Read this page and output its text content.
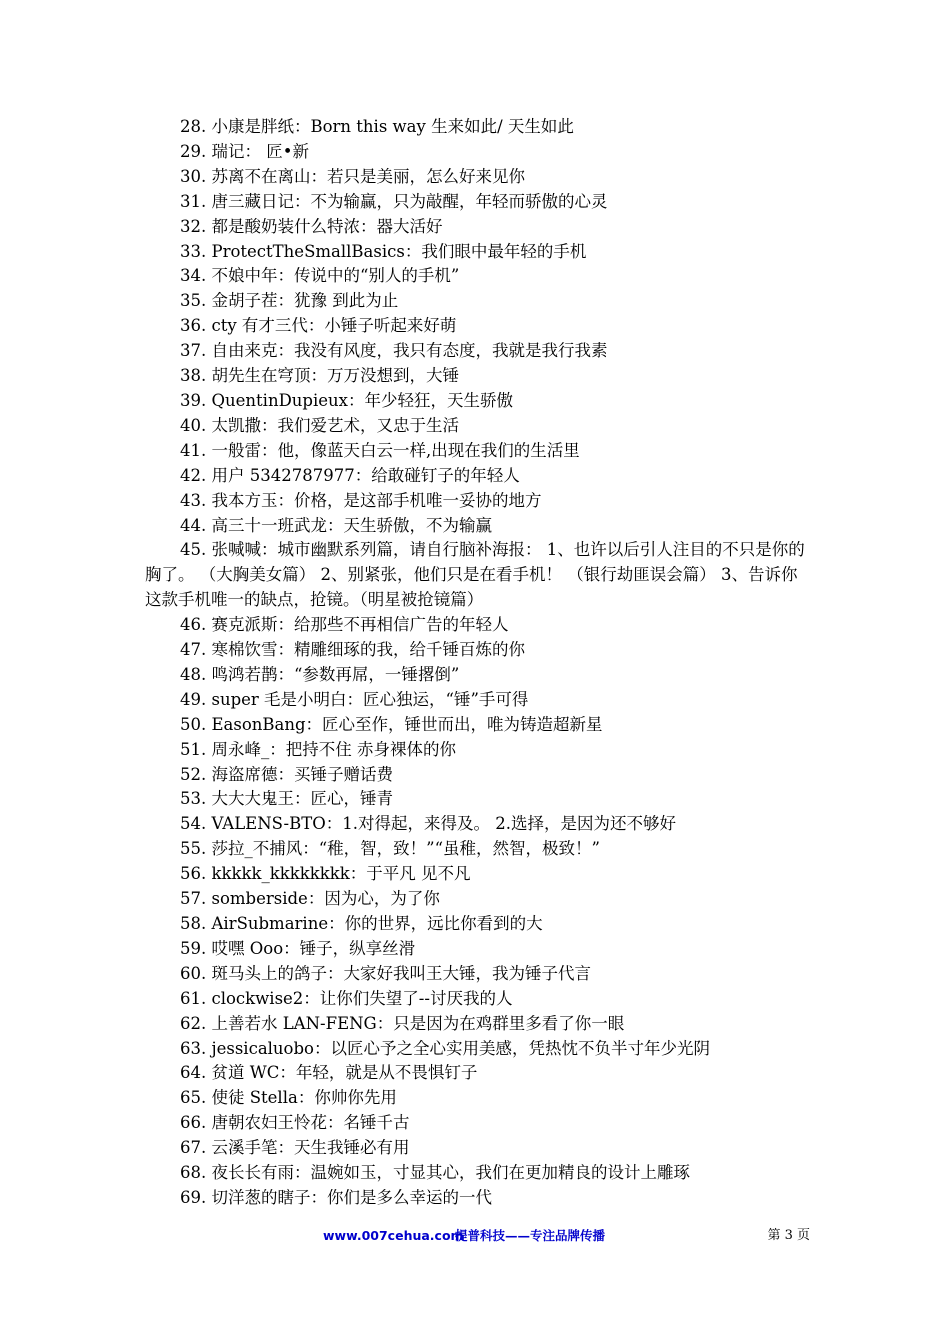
28. 小康是胖纸：Born this way 生来如此/ 天生如此

29. 瑞记： 匠•新

30. 苏离不在离山：若只是美丽，怎么好来见你

31. 唐三藏日记：不为输赢，只为敲醒，年轻而骄傲的心灵

32. 都是酸奶装什么特浓：器大活好

33. ProtectTheSmallBasics：我们眼中最年轻的手机

34. 不娘中年：传说中的“别人的手机”

35. 金胡子茬：犹豫 到此为止

36. cty 有才三代：小锤子听起来好萌

37. 自由来克：我没有风度，我只有态度，我就是我行我素

38. 胡先生在穹顶：万万没想到，大锤

39. QuentinDupieux：年少轻狂，天生骄傲

40. 太凯撒：我们爱艺术，又忠于生活

41. 一般雷：他，像蓝天白云一样,出现在我们的生活里

42. 用户 5342787977：给敢碰钉子的年轻人

43. 我本方玉：价格，是这部手机唯一妥协的地方

44. 高三十一班武龙：天生骄傲，不为输赢

45. 张喊喊：城市幽默系列篇，请自行脑补海报： 1、也许以后引人注目的不只是你的胸了。 （大胸美女篇） 2、别紧张，他们只是在看手机！ （银行劫匪误会篇） 3、告诉你这款手机唯一的缺点，抢镜。（明星被抢镜篇）

46. 赛克派斯：给那些不再相信广告的年轻人

47. 寒棉饮雪：精雕细琢的我，给千锤百炼的你

48. 鸣鸿若鹊：“参数再屌，一锤撂倒”

49. super 毛是小明白：匠心独运，“锤”手可得

50. EasonBang：匠心至作，锤世而出，唯为铸造超新星

51. 周永峰_：把持不住 赤身裸体的你

52. 海盗席德：买锤子赠话费

53. 大大大鬼王：匠心，锤青

54. VALENS-BTO：1.对得起，来得及。 2.选择，是因为还不够好

55. 莎拉_不捕风：“稚，智，致！”“虽稚，然智，极致！”

56. kkkkk_kkkkkkkk：于平凡 见不凡

57. somberside：因为心，为了你

58. AirSubmarine：你的世界，远比你看到的大

59. 哎嘿 Ooo：锤子，纵享丝滑

60. 斑马头上的鸽子：大家好我叫王大锤，我为锤子代言

61. clockwise2：让你们失望了--讨厌我的人

62. 上善若水 LAN-FENG：只是因为在鸡群里多看了你一眼

63. jessicaluobo：以匠心予之全心实用美感，凭热忱不负半寸年少光阴

64. 贫道 WC：年轻，就是从不畏惧钉子

65. 使徒 Stella：你帅你先用

66. 唐朝农妇王怜花：名锤千古

67. 云溪手笔：天生我锤必有用

68. 夜长长有雨：温婉如玉，寸显其心，我们在更加精良的设计上雕琢

69. 切洋葱的瞎子：你们是多么幸运的一代

www.007cehua.com
提普科技——专注品牌传播	第 3 页
